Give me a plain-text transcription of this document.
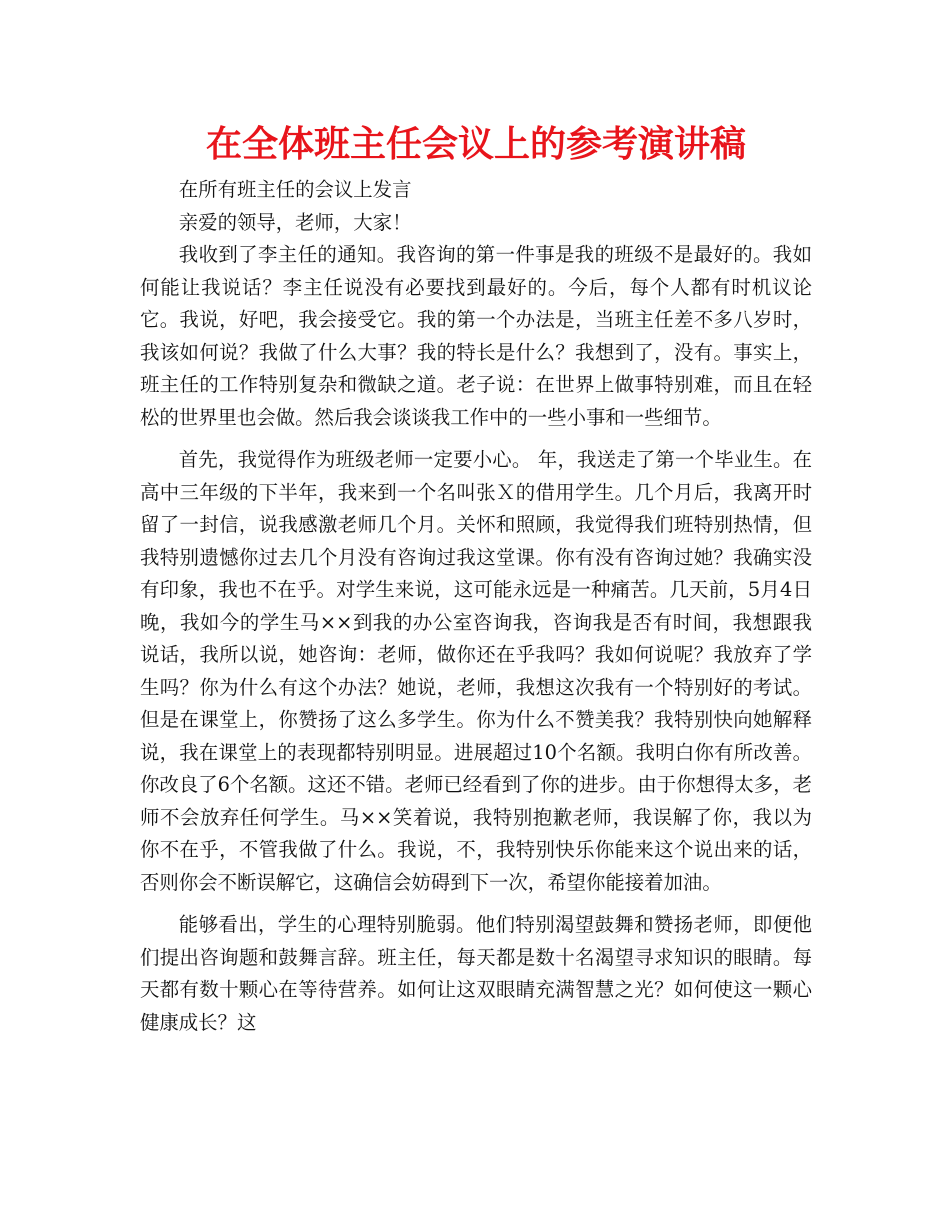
在全体班主任会议上的参考演讲稿

在所有班主任的会议上发言

亲爱的领导，老师，大家！

我收到了李主任的通知。我咨询的第一件事是我的班级不是最好的。我如何能让我说话？李主任说没有必要找到最好的。今后，每个人都有时机议论它。我说，好吧，我会接受它。我的第一个办法是，当班主任差不多八岁时，我该如何说？我做了什么大事？我的特长是什么？我想到了，没有。事实上，班主任的工作特别复杂和微缺之道。老子说：在世界上做事特别难，而且在轻松的世界里也会做。然后我会谈谈我工作中的一些小事和一些细节。

首先，我觉得作为班级老师一定要小心。 年，我送走了第一个毕业生。在高中三年级的下半年，我来到一个名叫张Ｘ的借用学生。几个月后，我离开时留了一封信，说我感激老师几个月。关怀和照顾，我觉得我们班特别热情，但我特别遗憾你过去几个月没有咨询过我这堂课。你有没有咨询过她？我确实没有印象，我也不在乎。对学生来说，这可能永远是一种痛苦。几天前，5月4日晚，我如今的学生马××到我的办公室咨询我，咨询我是否有时间，我想跟我说话，我所以说，她咨询：老师，做你还在乎我吗？我如何说呢？我放弃了学生吗？你为什么有这个办法？她说，老师，我想这次我有一个特别好的考试。但是在课堂上，你赞扬了这么多学生。你为什么不赞美我？我特别快向她解释说，我在课堂上的表现都特别明显。进展超过10个名额。我明白你有所改善。你改良了6个名额。这还不错。老师已经看到了你的进步。由于你想得太多，老师不会放弃任何学生。马××笑着说，我特别抱歉老师，我误解了你，我以为你不在乎，不管我做了什么。我说，不，我特别快乐你能来这个说出来的话，否则你会不断误解它，这确信会妨碍到下一次，希望你能接着加油。

能够看出，学生的心理特别脆弱。他们特别渴望鼓舞和赞扬老师，即便他们提出咨询题和鼓舞言辞。班主任，每天都是数十名渴望寻求知识的眼睛。每天都有数十颗心在等待营养。如何让这双眼睛充满智慧之光？如何使这一颗心健康成长？这
